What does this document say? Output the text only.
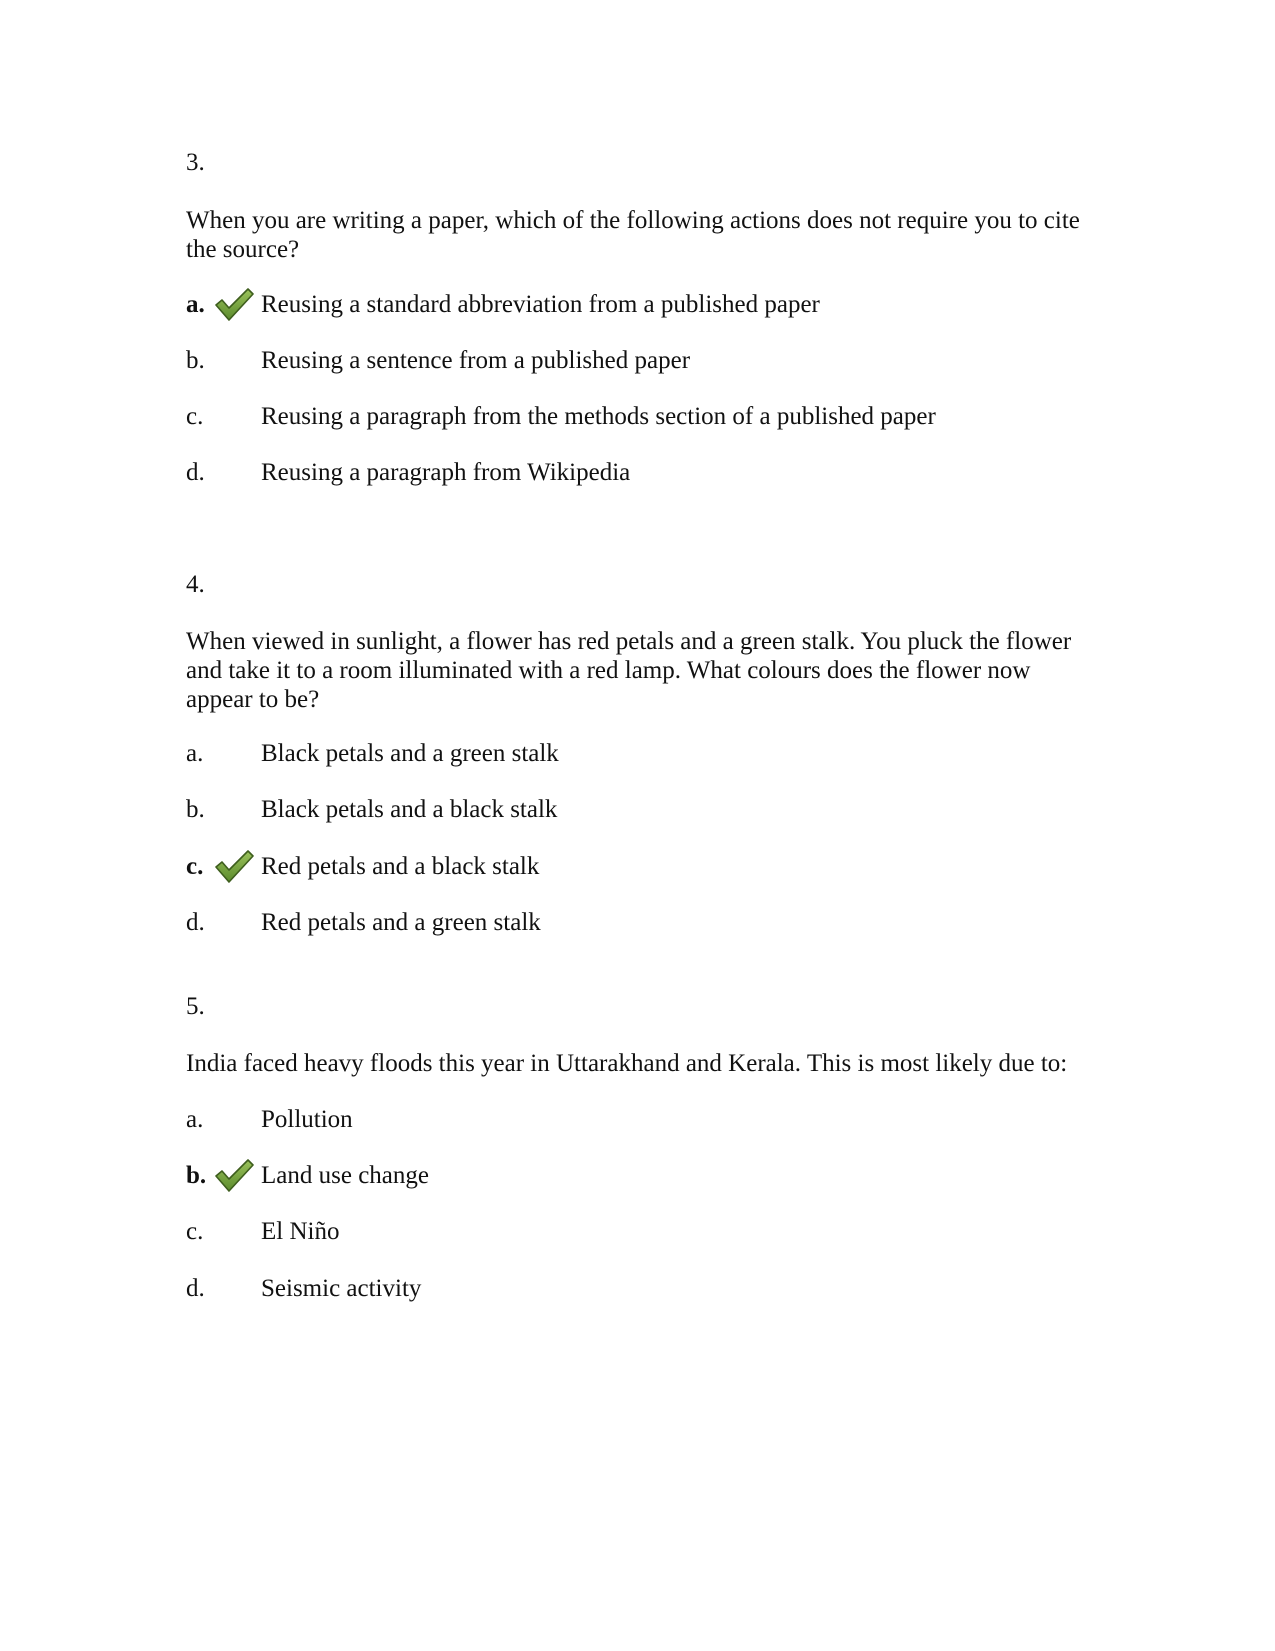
3.
When you are writing a paper, which of the following actions does not require you to cite the source?
a. Reusing a standard abbreviation from a published paper
b. Reusing a sentence from a published paper
c. Reusing a paragraph from the methods section of a published paper
d. Reusing a paragraph from Wikipedia
4.
When viewed in sunlight, a flower has red petals and a green stalk. You pluck the flower and take it to a room illuminated with a red lamp. What colours does the flower now appear to be?
a. Black petals and a green stalk
b. Black petals and a black stalk
c. Red petals and a black stalk
d. Red petals and a green stalk
5.
India faced heavy floods this year in Uttarakhand and Kerala. This is most likely due to:
a. Pollution
b. Land use change
c. El Niño
d. Seismic activity
